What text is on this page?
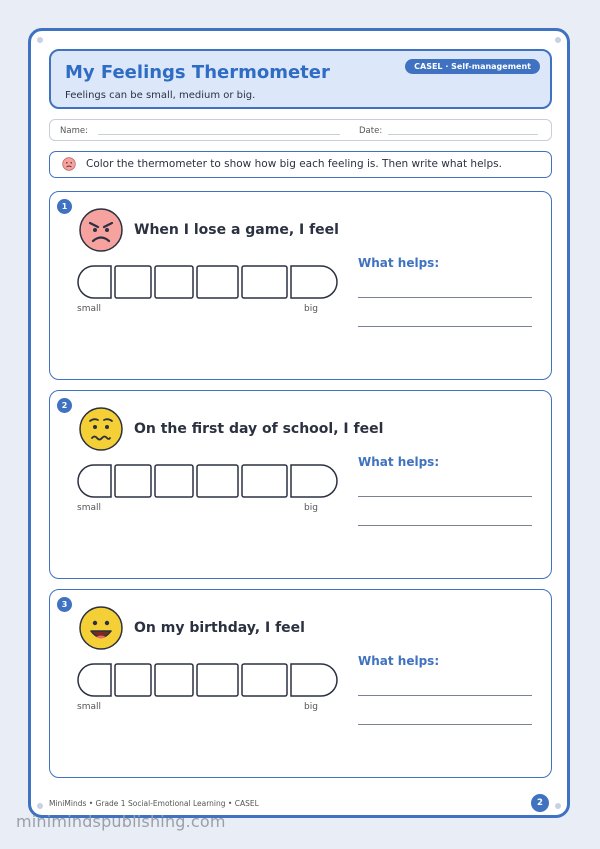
My Feelings Thermometer
Feelings can be small, medium or big.
CASEL · Self-management
Name:	Date:
Color the thermometer to show how big each feeling is. Then write what helps.
1
When I lose a game, I feel
small	big
What helps:
2
On the first day of school, I feel
small	big
What helps:
3
On my birthday, I feel
small	big
What helps:
MiniMinds • Grade 1 Social-Emotional Learning • CASEL	2
minimindspublishing.com
